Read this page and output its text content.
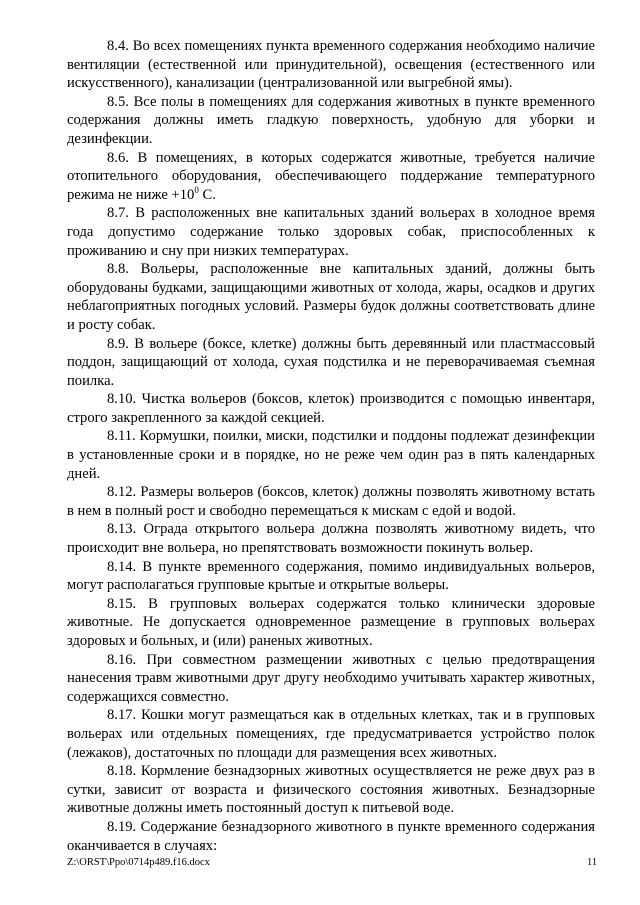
8.4. Во всех помещениях пункта временного содержания необходимо наличие вентиляции (естественной или принудительной), освещения (естественного или искусственного), канализации (централизованной или выгребной ямы).

8.5. Все полы в помещениях для содержания животных в пункте временного содержания должны иметь гладкую поверхность, удобную для уборки и дезинфекции.

8.6. В помещениях, в которых содержатся животные, требуется наличие отопительного оборудования, обеспечивающего поддержание температурного режима не ниже $+10^0$ С.

8.7. В расположенных вне капитальных зданий вольерах в холодное время года допустимо содержание только здоровых собак, приспособленных к проживанию и сну при низких температурах.

8.8. Вольеры, расположенные вне капитальных зданий, должны быть оборудованы будками, защищающими животных от холода, жары, осадков и других неблагоприятных погодных условий. Размеры будок должны соответствовать длине и росту собак.

8.9. В вольере (боксе, клетке) должны быть деревянный или пластмассовый поддон, защищающий от холода, сухая подстилка и не переворачиваемая съемная поилка.

8.10. Чистка вольеров (боксов, клеток) производится с помощью инвентаря, строго закрепленного за каждой секцией.

8.11. Кормушки, поилки, миски, подстилки и поддоны подлежат дезинфекции в установленные сроки и в порядке, но не реже чем один раз в пять календарных дней.

8.12. Размеры вольеров (боксов, клеток) должны позволять животному встать в нем в полный рост и свободно перемещаться к мискам с едой и водой.

8.13. Ограда открытого вольера должна позволять животному видеть, что происходит вне вольера, но препятствовать возможности покинуть вольер.

8.14. В пункте временного содержания, помимо индивидуальных вольеров, могут располагаться групповые крытые и открытые вольеры.

8.15. В групповых вольерах содержатся только клинически здоровые животные. Не допускается одновременное размещение в групповых вольерах здоровых и больных, и (или) раненых животных.

8.16. При совместном размещении животных с целью предотвращения нанесения травм животными друг другу необходимо учитывать характер животных, содержащихся совместно.

8.17. Кошки могут размещаться как в отдельных клетках, так и в групповых вольерах или отдельных помещениях, где предусматривается устройство полок (лежаков), достаточных по площади для размещения всех животных.

8.18. Кормление безнадзорных животных осуществляется не реже двух раз в сутки, зависит от возраста и физического состояния животных. Безнадзорные животные должны иметь постоянный доступ к питьевой воде.

8.19. Содержание безнадзорного животного в пункте временного содержания оканчивается в случаях:

Z:\ORST\Ppo\0714p489.f16.docx	11
